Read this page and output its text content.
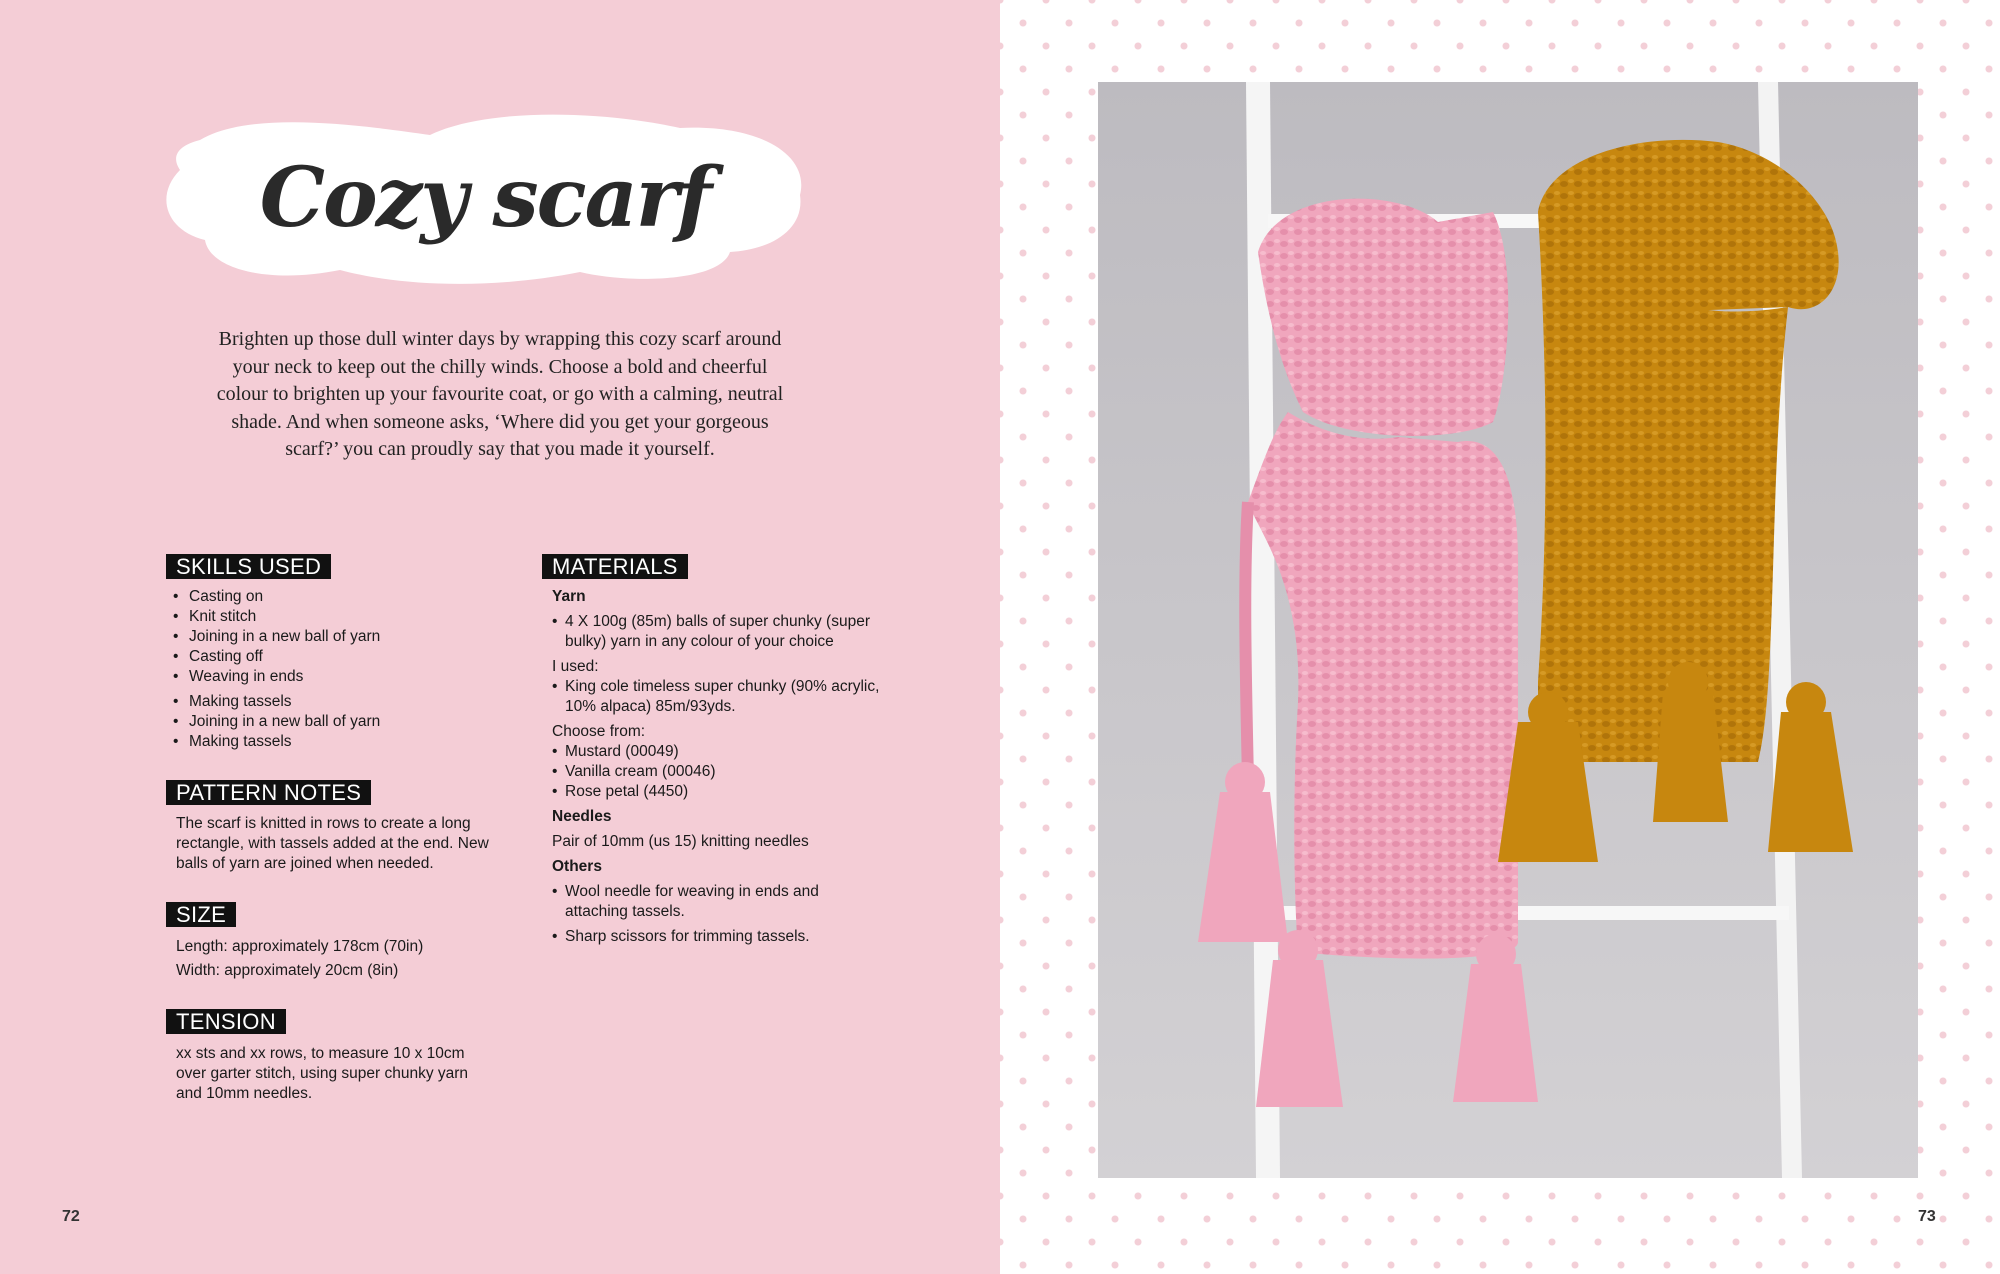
Cozy scarf

Brighten up those dull winter days by wrapping this cozy scarf around your neck to keep out the chilly winds. Choose a bold and cheerful colour to brighten up your favourite coat, or go with a calming, neutral shade. And when someone asks, ‘Where did you get your gorgeous scarf?’ you can proudly say that you made it yourself.

SKILLS USED
• Casting on
• Knit stitch
• Joining in a new ball of yarn
• Casting off
• Weaving in ends
• Making tassels
• Joining in a new ball of yarn
• Making tassels
PATTERN NOTES

The scarf is knitted in rows to create a long rectangle, with tassels added at the end. New balls of yarn are joined when needed.

SIZE

Length: approximately 178cm (70in)

Width: approximately 20cm (8in)

TENSION

xx sts and xx rows, to measure 10 x 10cm over garter stitch, using super chunky yarn and 10mm needles.

MATERIALS

Yarn

• 4 X 100g (85m) balls of super chunky (super bulky) yarn in any colour of your choice

I used:

• King cole timeless super chunky (90% acrylic, 10% alpaca) 85m/93yds.

Choose from:

• Mustard (00049)
• Vanilla cream (00046)
• Rose petal (4450)

Needles

Pair of 10mm (us 15) knitting needles

Others

• Wool needle for weaving in ends and attaching tassels.
• Sharp scissors for trimming tassels.
72	73
